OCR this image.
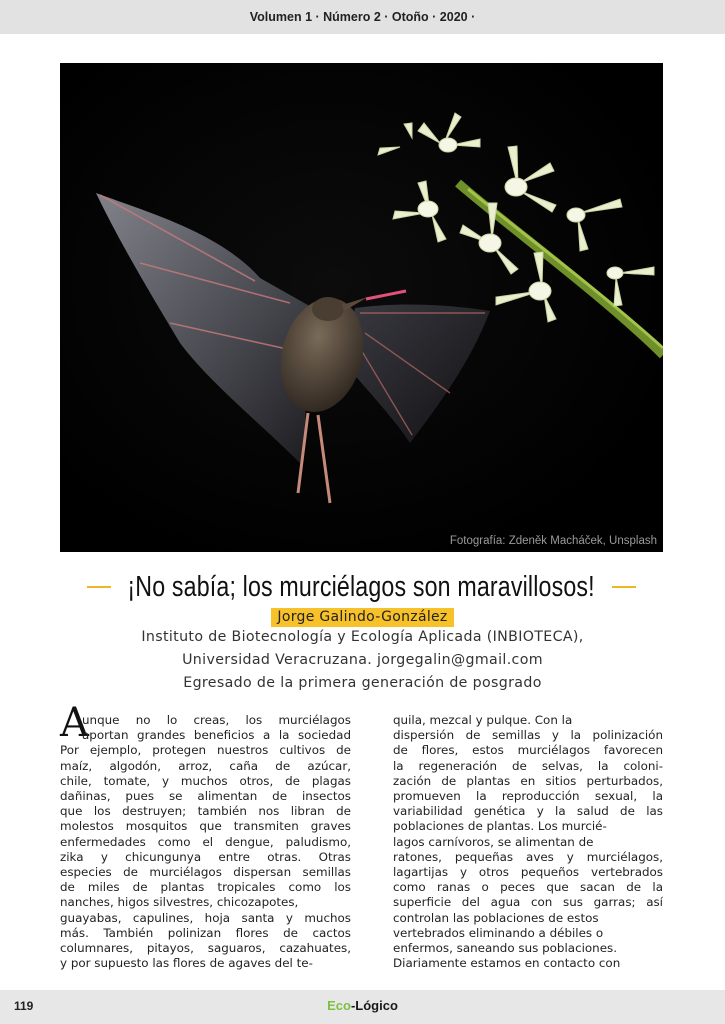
Volumen 1 · Número 2 · Otoño · 2020 ·
Fotografía: Zdeněk Macháček, Unsplash
¡No sabía; los murciélagos son maravillosos!
Jorge Galindo-González
Instituto de Biotecnología y Ecología Aplicada (INBIOTECA),
Universidad Veracruzana. jorgegalin@gmail.com
Egresado de la primera generación de posgrado
A
unque no lo creas, los murciélagos
aportan grandes beneficios a la sociedad
Por ejemplo, protegen nuestros cultivos de
maíz, algodón, arroz, caña de azúcar,
chile, tomate, y muchos otros, de plagas
dañinas, pues se alimentan de insectos
que los destruyen; también nos libran de
molestos mosquitos que transmiten graves
enfermedades como el dengue, paludismo,
zika y chicungunya entre otras. Otras
especies de murciélagos dispersan semillas
de miles de plantas tropicales como los
nanches, higos silvestres, chicozapotes,
guayabas, capulines, hoja santa y muchos
más. También polinizan flores de cactos
columnares, pitayos, saguaros, cazahuates,
y por supuesto las flores de agaves del te-
quila, mezcal y pulque. Con la
dispersión de semillas y la polinización
de flores, estos murciélagos favorecen
la regeneración de selvas, la coloni-
zación de plantas en sitios perturbados,
promueven la reproducción sexual, la
variabilidad genética y la salud de las
poblaciones de plantas. Los murcié-
lagos carnívoros, se alimentan de
ratones, pequeñas aves y murciélagos,
lagartijas y otros pequeños vertebrados
como ranas o peces que sacan de la
superficie del agua con sus garras; así
controlan las poblaciones de estos
vertebrados eliminando a débiles o
enfermos, saneando sus poblaciones.
Diariamente estamos en contacto con
119	Eco-Lógico
